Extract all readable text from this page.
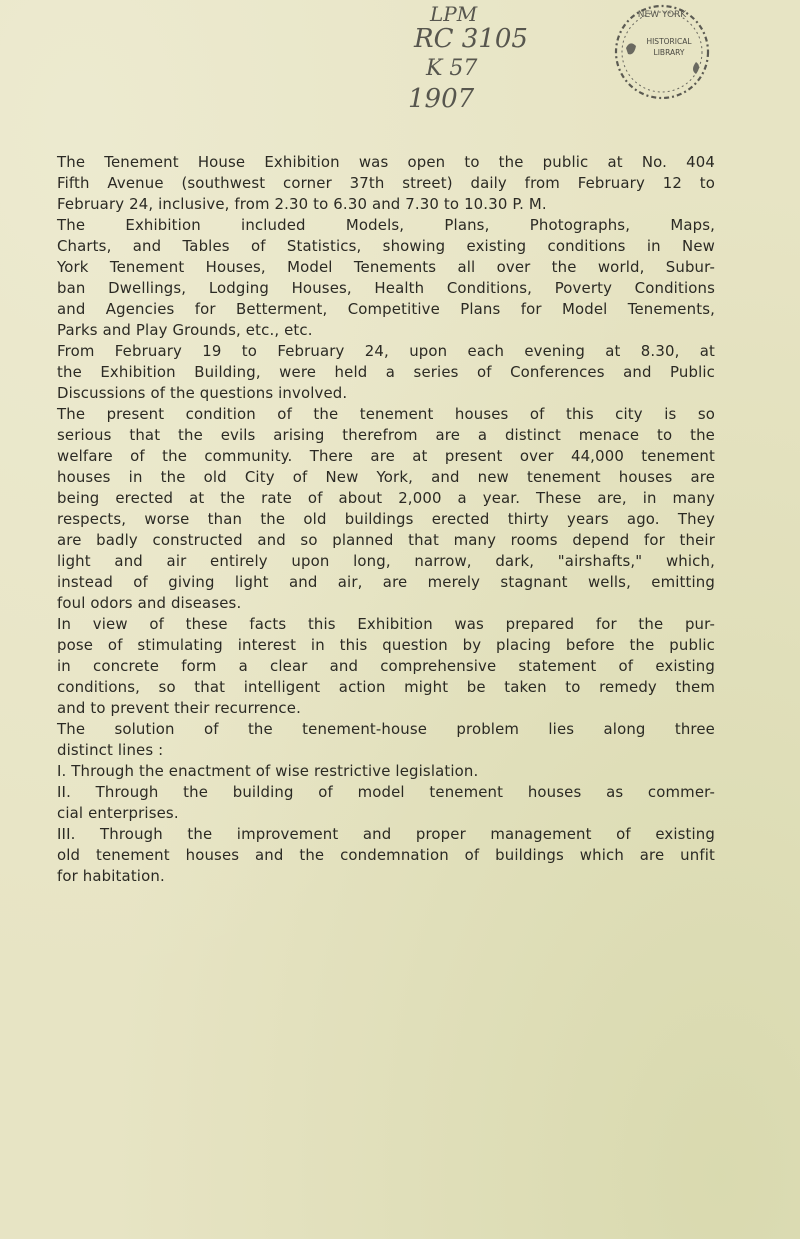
LPM
RC 3105
K 57
1907
NEW YORK
HISTORICAL
LIBRARY

The Tenement House Exhibition was open to the public at No. 404
Fifth Avenue (southwest corner 37th street) daily from February 12 to
February 24, inclusive, from 2.30 to 6.30 and 7.30 to 10.30 P. M.

The Exhibition included Models, Plans, Photographs, Maps,
Charts, and Tables of Statistics, showing existing conditions in New
York Tenement Houses, Model Tenements all over the world, Subur-
ban Dwellings, Lodging Houses, Health Conditions, Poverty Conditions
and Agencies for Betterment, Competitive Plans for Model Tenements,
Parks and Play Grounds, etc., etc.

From February 19 to February 24, upon each evening at 8.30, at
the Exhibition Building, were held a series of Conferences and Public
Discussions of the questions involved.

The present condition of the tenement houses of this city is so
serious that the evils arising therefrom are a distinct menace to the
welfare of the community. There are at present over 44,000 tenement
houses in the old City of New York, and new tenement houses are
being erected at the rate of about 2,000 a year. These are, in many
respects, worse than the old buildings erected thirty years ago. They
are badly constructed and so planned that many rooms depend for their
light and air entirely upon long, narrow, dark, "airshafts," which,
instead of giving light and air, are merely stagnant wells, emitting
foul odors and diseases.

In view of these facts this Exhibition was prepared for the pur-
pose of stimulating interest in this question by placing before the public
in concrete form a clear and comprehensive statement of existing
conditions, so that intelligent action might be taken to remedy them
and to prevent their recurrence.

The solution of the tenement-house problem lies along three
distinct lines :

I. Through the enactment of wise restrictive legislation.

II. Through the building of model tenement houses as commer-
cial enterprises.

III. Through the improvement and proper management of existing
old tenement houses and the condemnation of buildings which are unfit
for habitation.
